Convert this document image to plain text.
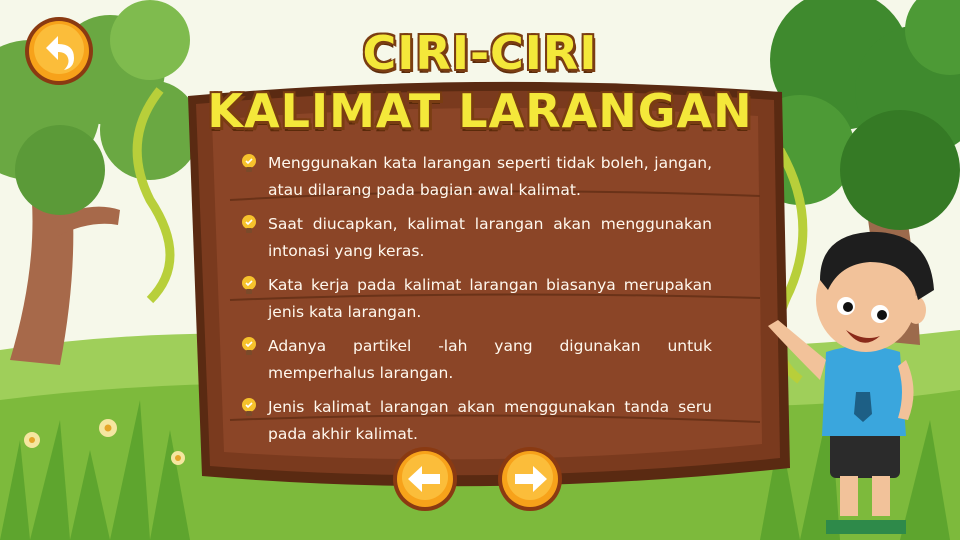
CIRI-CIRI
KALIMAT LARANGAN
Menggunakan kata larangan seperti tidak boleh, jangan, atau dilarang pada bagian awal kalimat.
Saat diucapkan, kalimat larangan akan menggunakan intonasi yang keras.
Kata kerja pada kalimat larangan biasanya merupakan jenis kata larangan.
Adanya partikel -lah yang digunakan untuk memperhalus larangan.
Jenis kalimat larangan akan menggunakan tanda seru pada akhir kalimat.
